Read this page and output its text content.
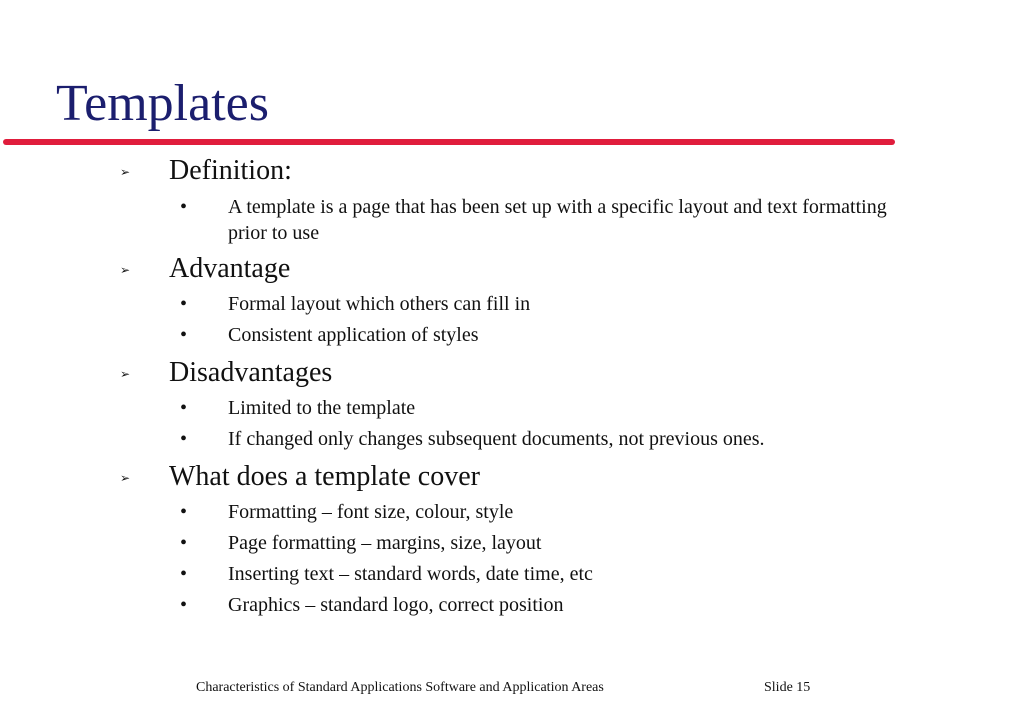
Templates
➢ Definition:
• A template is a page that has been set up with a specific layout and text formatting prior to use
➢ Advantage
• Formal layout which others can fill in
• Consistent application of styles
➢ Disadvantages
• Limited to the template
• If changed only changes subsequent documents, not previous ones.
➢ What does a template cover
• Formatting – font size, colour, style
• Page formatting – margins, size, layout
• Inserting text – standard words, date time, etc
• Graphics – standard logo, correct position
Characteristics of Standard Applications Software and Application Areas	Slide 15
